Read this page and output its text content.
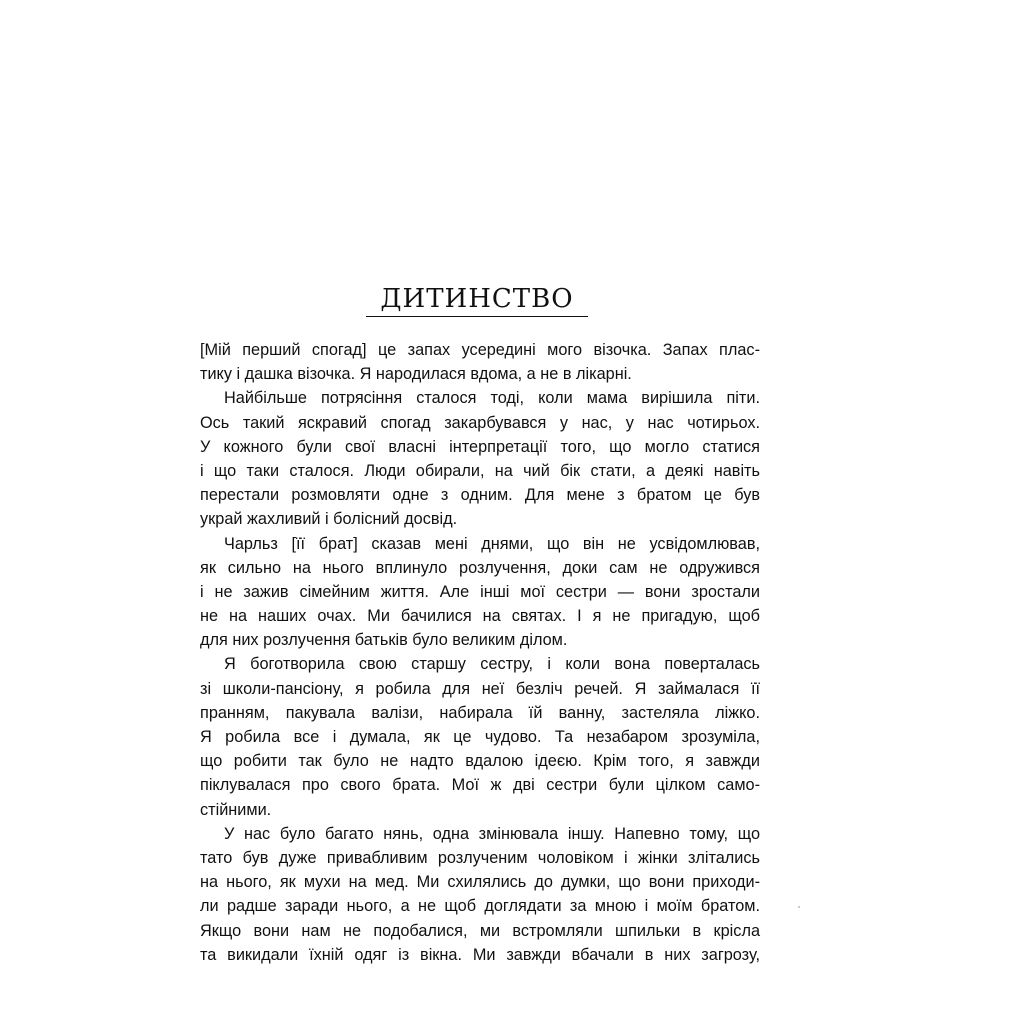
ДИТИНСТВО
[Мій перший спогад] це запах усередині мого візочка. Запах плас-
тику і дашка візочка. Я народилася вдома, а не в лікарні.
Найбільше потрясіння сталося тоді, коли мама вирішила піти.
Ось такий яскравий спогад закарбувався у нас, у нас чотирьох.
У кожного були свої власні інтерпретації того, що могло статися
і що таки сталося. Люди обирали, на чий бік стати, а деякі навіть
перестали розмовляти одне з одним. Для мене з братом це був
украй жахливий і болісний досвід.
Чарльз [її брат] сказав мені днями, що він не усвідомлював,
як сильно на нього вплинуло розлучення, доки сам не одружився
і не зажив сімейним життя. Але інші мої сестри — вони зростали
не на наших очах. Ми бачилися на святах. І я не пригадую, щоб
для них розлучення батьків було великим ділом.
Я боготворила свою старшу сестру, і коли вона поверталась
зі школи-пансіону, я робила для неї безліч речей. Я займалася її
пранням, пакувала валізи, набирала їй ванну, застеляла ліжко.
Я робила все і думала, як це чудово. Та незабаром зрозуміла,
що робити так було не надто вдалою ідеєю. Крім того, я завжди
піклувалася про свого брата. Мої ж дві сестри були цілком само-
стійними.
У нас було багато нянь, одна змінювала іншу. Напевно тому, що
тато був дуже привабливим розлученим чоловіком і жінки злітались
на нього, як мухи на мед. Ми схилялись до думки, що вони приходи-
ли радше заради нього, а не щоб доглядати за мною і моїм братом.
Якщо вони нам не подобалися, ми встромляли шпильки в крісла
та викидали їхній одяг із вікна. Ми завжди вбачали в них загрозу,
